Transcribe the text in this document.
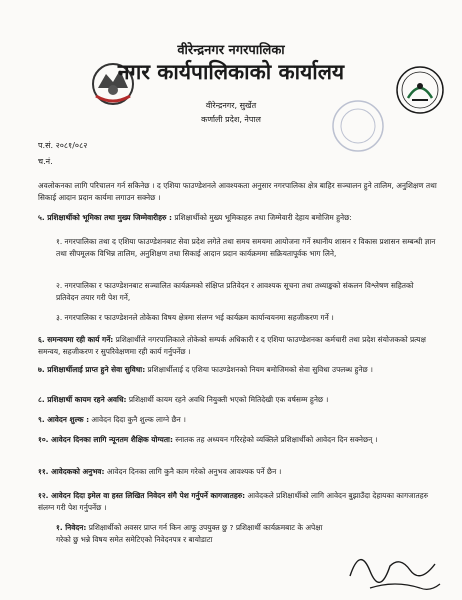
वीरेन्द्रनगर नगरपालिका
नगर कार्यपालिकाको कार्यालय
वीरेन्द्रनगर, सुर्खेत
कर्णाली प्रदेश, नेपाल
प.सं. २०८१/०८२
च.नं.
अवलोकनका लागि परिचालन गर्न सकिनेछ । द एशिया फाउण्डेशनले आवश्यकता अनुसार नगरपालिका क्षेत्र बाहिर सञ्चालन हुने तालिम, अनुशिक्षण तथा सिकाई आदान प्रदान कार्यमा लगाउन सक्नेछ ।
५. प्रशिक्षार्थीको भूमिका तथा मुख्य जिम्मेवारीहरु : प्रशिक्षार्थीको मुख्य भूमिकाहरु तथा जिम्मेवारी देहाय बमोजिम हुनेछ:
१. नगरपालिका तथा द एशिया फाउण्डेशनबाट सेवा प्रदेश लगेते तथा समय समयमा आयोजना गर्ने स्थानीय शासन र विकास प्रशासन सम्बन्धी ज्ञान तथा सीपमूलक विभिन्न तालिम, अनुशिक्षण तथा सिकाई आदान प्रदान कार्यक्रममा सक्रियतापूर्वक भाग लिने,
२. नगरपालिका र फाउण्डेशनबाट सञ्चालित कार्यक्रमको संक्षिप्त प्रतिवेदन र आवश्यक सूचना तथा तथ्याङ्कको संकलन विश्लेषण सहितको प्रतिवेदन तयार गरी पेश गर्ने,
३. नगरपालिका र फाउण्डेशनले तोकेका विषय क्षेत्रमा संलग्न भई कार्यक्रम कार्यान्वयनमा सहजीकरण गर्ने ।
६. समन्वयमा रही कार्य गर्ने: प्रशिक्षार्थीले नगरपालिकाले तोकेको सम्पर्क अधिकारी र द एशिया फाउण्डेशनका कर्मचारी तथा प्रदेश संयोजकको प्रत्यक्ष समन्वय, सहजीकरण र सुपरिवेक्षणमा रही कार्य गर्नुपर्नेछ ।
७. प्रशिक्षार्थीलाई प्राप्त हुने सेवा सुविधा: प्रशिक्षार्थीलाई द एशिया फाउण्डेशनको नियम बमोजिमको सेवा सुविधा उपलब्ध हुनेछ ।
८. प्रशिक्षार्थी कायम रहने अवधि: प्रशिक्षार्थी कायम रहने अवधि नियुक्ती भएको मितिदेखी एक वर्षसम्म हुनेछ ।
९. आवेदन शुल्क : आवेदन दिदा कुनै शुल्क लाग्ने छैन ।
१०. आवेदन दिनका लागि न्यूनतम शैक्षिक योग्यता: स्नातक तह अध्ययन गरिरहेको व्यक्तिले प्रशिक्षार्थीको आवेदन दिन सक्नेछन् ।
११. आवेदकको अनुभव: आवेदन दिनका लागि कुनै काम गरेको अनुभव आवश्यक पर्ने छैन ।
१२. आवेदन दिदा इमेल वा हस्त लिखित निवेदन संगै पेश गर्नुपर्ने कागजातहरु: आवेदकले प्रशिक्षार्थीको लागि आवेदन बुझाउँदा देहायका कागजातहरु संलग्न गरी पेश गर्नुपर्नेछ ।
१. निवेदन: प्रशिक्षार्थीको अवसर प्राप्त गर्न किन आफू उपयुक्त छु ? प्रशिक्षार्थी कार्यक्रमबाट के अपेक्षा गरेको छु भन्ने विषय समेत समेटिएको निवेदनपत्र र बायोडाटा
